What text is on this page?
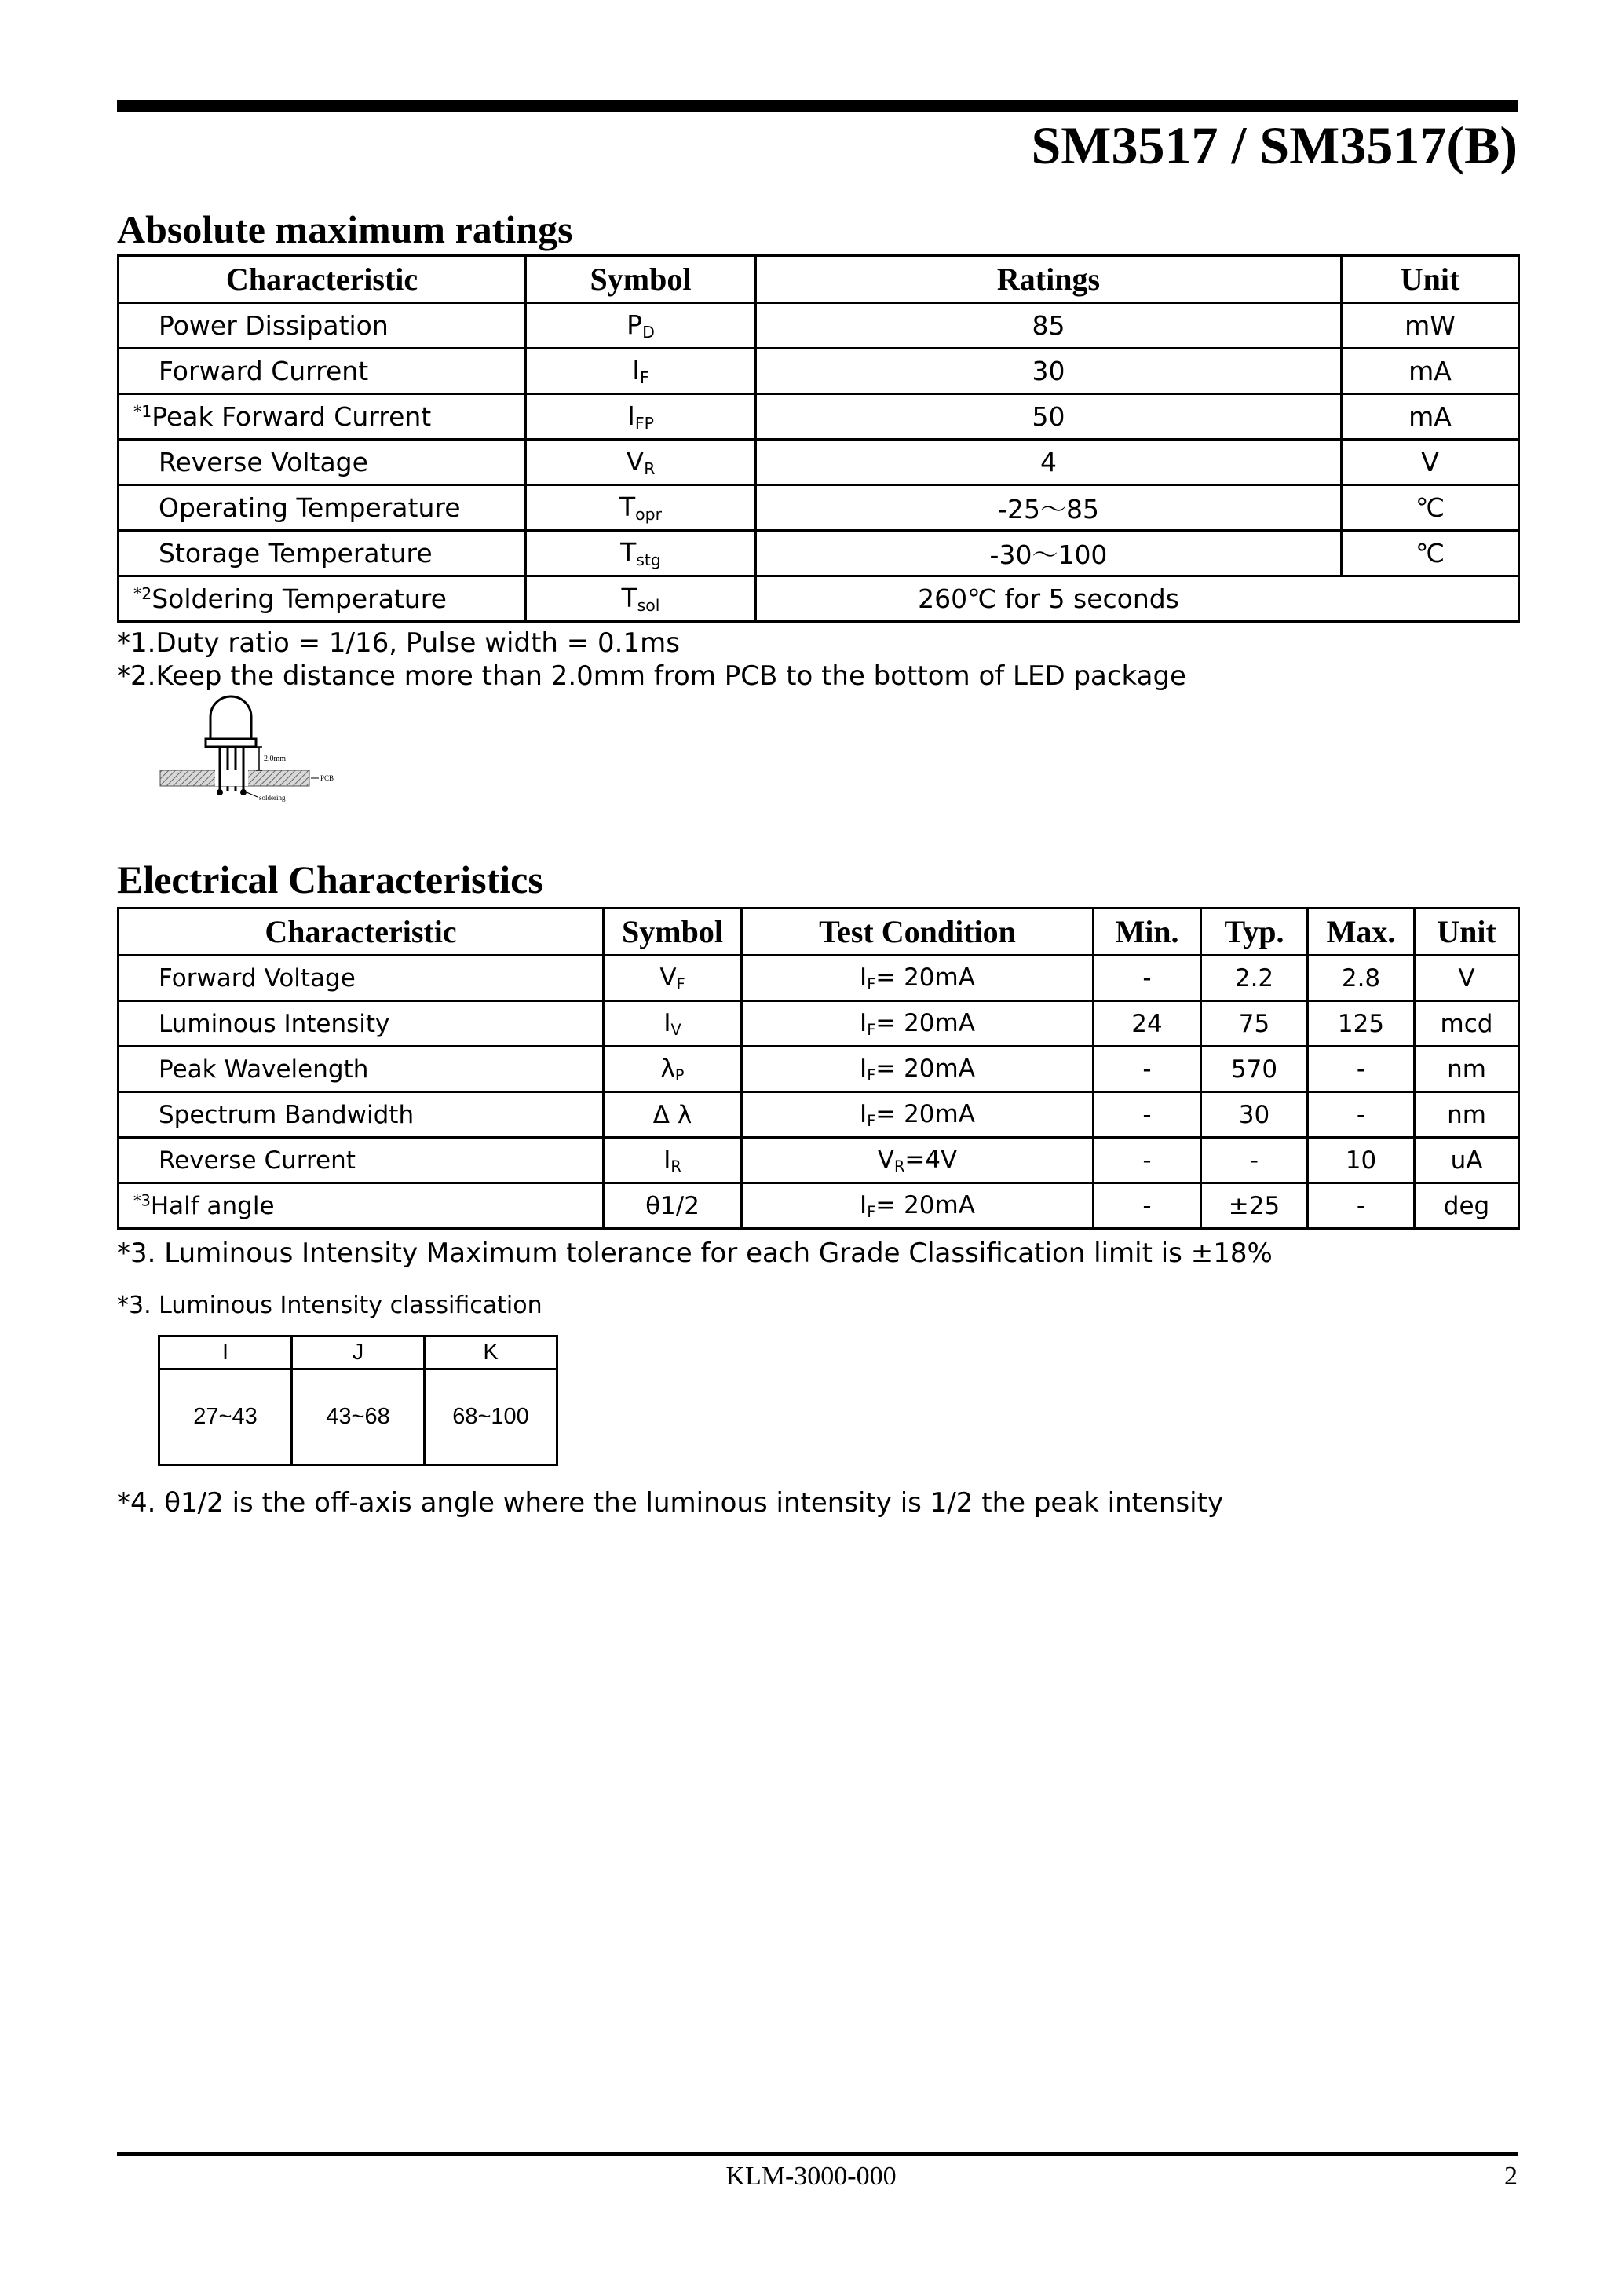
SM3517 / SM3517(B)
Absolute maximum ratings
Characteristic	Symbol	Ratings	Unit
Power Dissipation	$P_D$	85	mW
Forward Current	$I_F$	30	mA
$^{*1}$Peak Forward Current	$I_{FP}$	50	mA
Reverse Voltage	$V_R$	4	V
Operating Temperature	$T_{opr}$	-25～85	℃
Storage Temperature	$T_{stg}$	-30～100	℃
$^{*2}$Soldering Temperature	$T_{sol}$	260℃ for 5 seconds	
*1.Duty ratio = 1/16, Pulse width = 0.1ms
*2.Keep the distance more than 2.0mm from PCB to the bottom of LED package
2.0mm
PCB
soldering
Electrical Characteristics
Characteristic	Symbol	Test Condition	Min.	Typ.	Max.	Unit
Forward Voltage	$V_F$	$I_F= 20mA$	-	2.2	2.8	V
Luminous Intensity	$I_V$	$I_F= 20mA$	24	75	125	mcd
Peak Wavelength	$\lambda_P$	$I_F= 20mA$	-	570	-	nm
Spectrum Bandwidth	Δ λ	$I_F= 20mA$	-	30	-	nm
Reverse Current	$I_R$	$V_R=4V$	-	-	10	uA
$^{*3}$Half angle	θ1/2	$I_F= 20mA$	-	±25	-	deg
*3. Luminous Intensity Maximum tolerance for each Grade Classification limit is ±18%
*3. Luminous Intensity classification
I	J	K
27~43	43~68	68~100
*4. θ1/2 is the off-axis angle where the luminous intensity is 1/2 the peak intensity
KLM-3000-000	2
